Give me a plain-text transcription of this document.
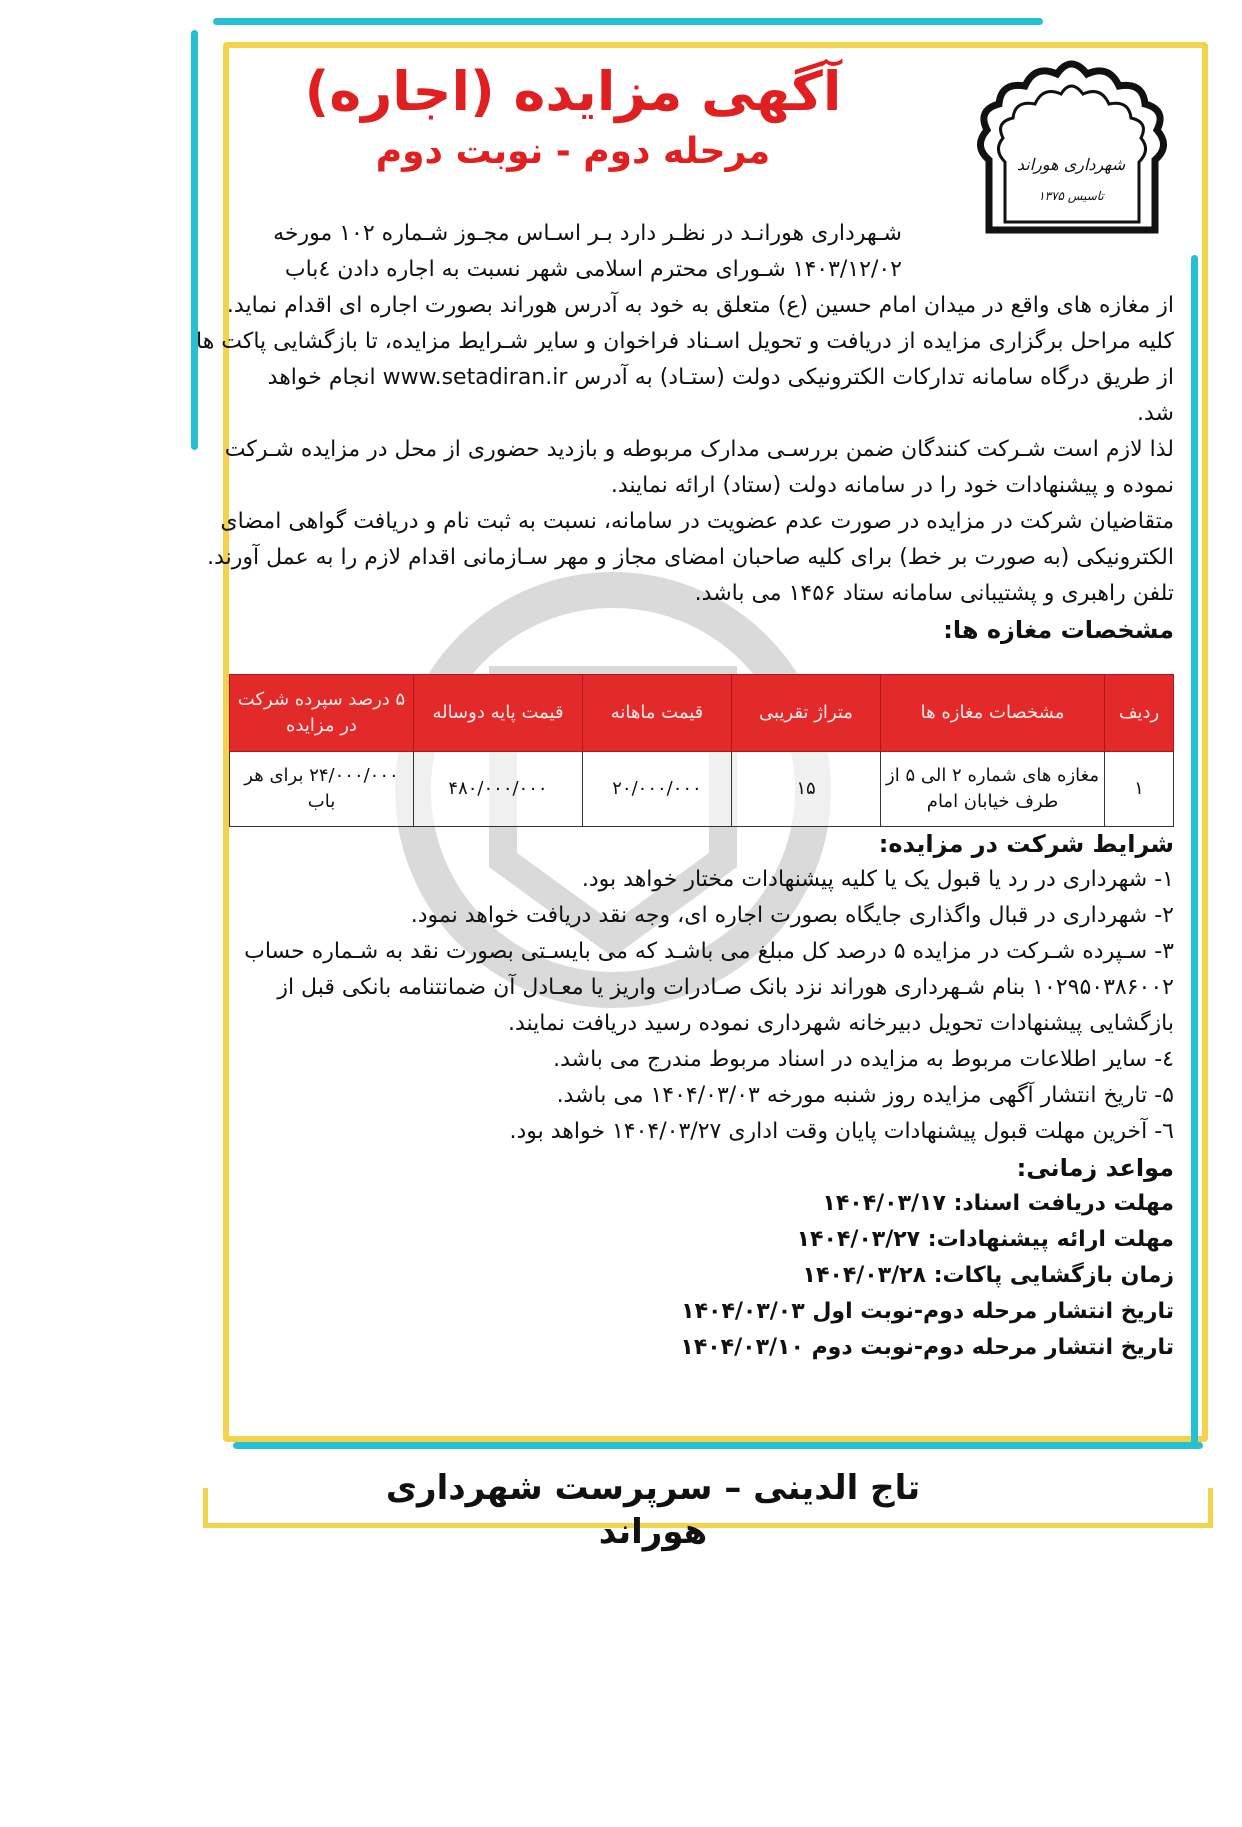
شهرداری هوراند
تاسیس ۱۳۷۵
آگهی مزایده (اجاره)
مرحله دوم - نوبت دوم
شـهرداری هورانـد در نظـر دارد بـر اسـاس مجـوز شـماره ۱۰۲ مورخه
۱۴۰۳/۱۲/۰۲ شـورای محترم اسلامی شهر نسبت به اجاره دادن ٤باب
از مغازه های واقع در میدان امام حسین (ع) متعلق به خود به آدرس هوراند بصورت اجاره ای اقدام نماید.
کلیه مراحل برگزاری مزایده از دریافت و تحویل اسـناد فراخوان و سایر شـرایط مزایده، تا بازگشایی پاکت ها
از طریق درگاه سامانه تدارکات الکترونیکی دولت (ستـاد) به آدرس www.setadiran.ir انجام خواهد
شد.
لذا لازم است شـرکت کنندگان ضمن بررسـی مدارک مربوطه و بازدید حضوری از محل در مزایده شـرکت
نموده و پیشنهادات خود را در سامانه دولت (ستاد) ارائه نمایند.
متقاضیان شرکت در مزایده در صورت عدم عضویت در سامانه، نسبت به ثبت نام و دریافت گواهی امضای
الکترونیکی (به صورت بر خط) برای کلیه صاحبان امضای مجاز و مهر سـازمانی اقدام لازم را به عمل آورند.
تلفن راهبری و پشتیبانی سامانه ستاد ۱۴۵۶ می باشد.
مشخصات مغازه ها:
ردیف	مشخصات مغازه ها	متراژ تقریبی	قیمت ماهانه	قیمت پایه دوساله	۵ درصد سپرده شرکت در مزایده
۱	مغازه های شماره ۲ الی ۵ از طرف خیابان امام	۱۵	۲۰/۰۰۰/۰۰۰	۴۸۰/۰۰۰/۰۰۰	۲۴/۰۰۰/۰۰۰ برای هر باب
شرایط شرکت در مزایده:
۱- شهرداری در رد یا قبول یک یا کلیه پیشنهادات مختار خواهد بود.
۲- شهرداری در قبال واگذاری جایگاه بصورت اجاره ای، وجه نقد دریافت خواهد نمود.
۳- سـپرده شـرکت در مزایده ۵ درصد کل مبلغ می باشـد که می بایسـتی بصورت نقد به شـماره حساب
۱۰۲۹۵۰۳۸۶۰۰۲ بنام شـهرداری هوراند نزد بانک صـادرات واریز یا معـادل آن ضمانتنامه بانکی قبل از
بازگشایی پیشنهادات تحویل دبیرخانه شهرداری نموده رسید دریافت نمایند.
٤- سایر اطلاعات مربوط به مزایده در اسناد مربوط مندرج می باشد.
۵- تاریخ انتشار آگهی مزایده روز شنبه مورخه ۱۴۰۴/۰۳/۰۳ می باشد.
٦- آخرین مهلت قبول پیشنهادات پایان وقت اداری ۱۴۰۴/۰۳/۲۷ خواهد بود.
مواعد زمانی:
مهلت دریافت اسناد: ۱۴۰۴/۰۳/۱۷
مهلت ارائه پیشنهادات: ۱۴۰۴/۰۳/۲۷
زمان بازگشایی پاکات: ۱۴۰۴/۰۳/۲۸
تاریخ انتشار مرحله دوم-نوبت اول ۱۴۰۴/۰۳/۰۳
تاریخ انتشار مرحله دوم-نوبت دوم ۱۴۰۴/۰۳/۱۰
تاج الدینی – سرپرست شهرداری هوراند
